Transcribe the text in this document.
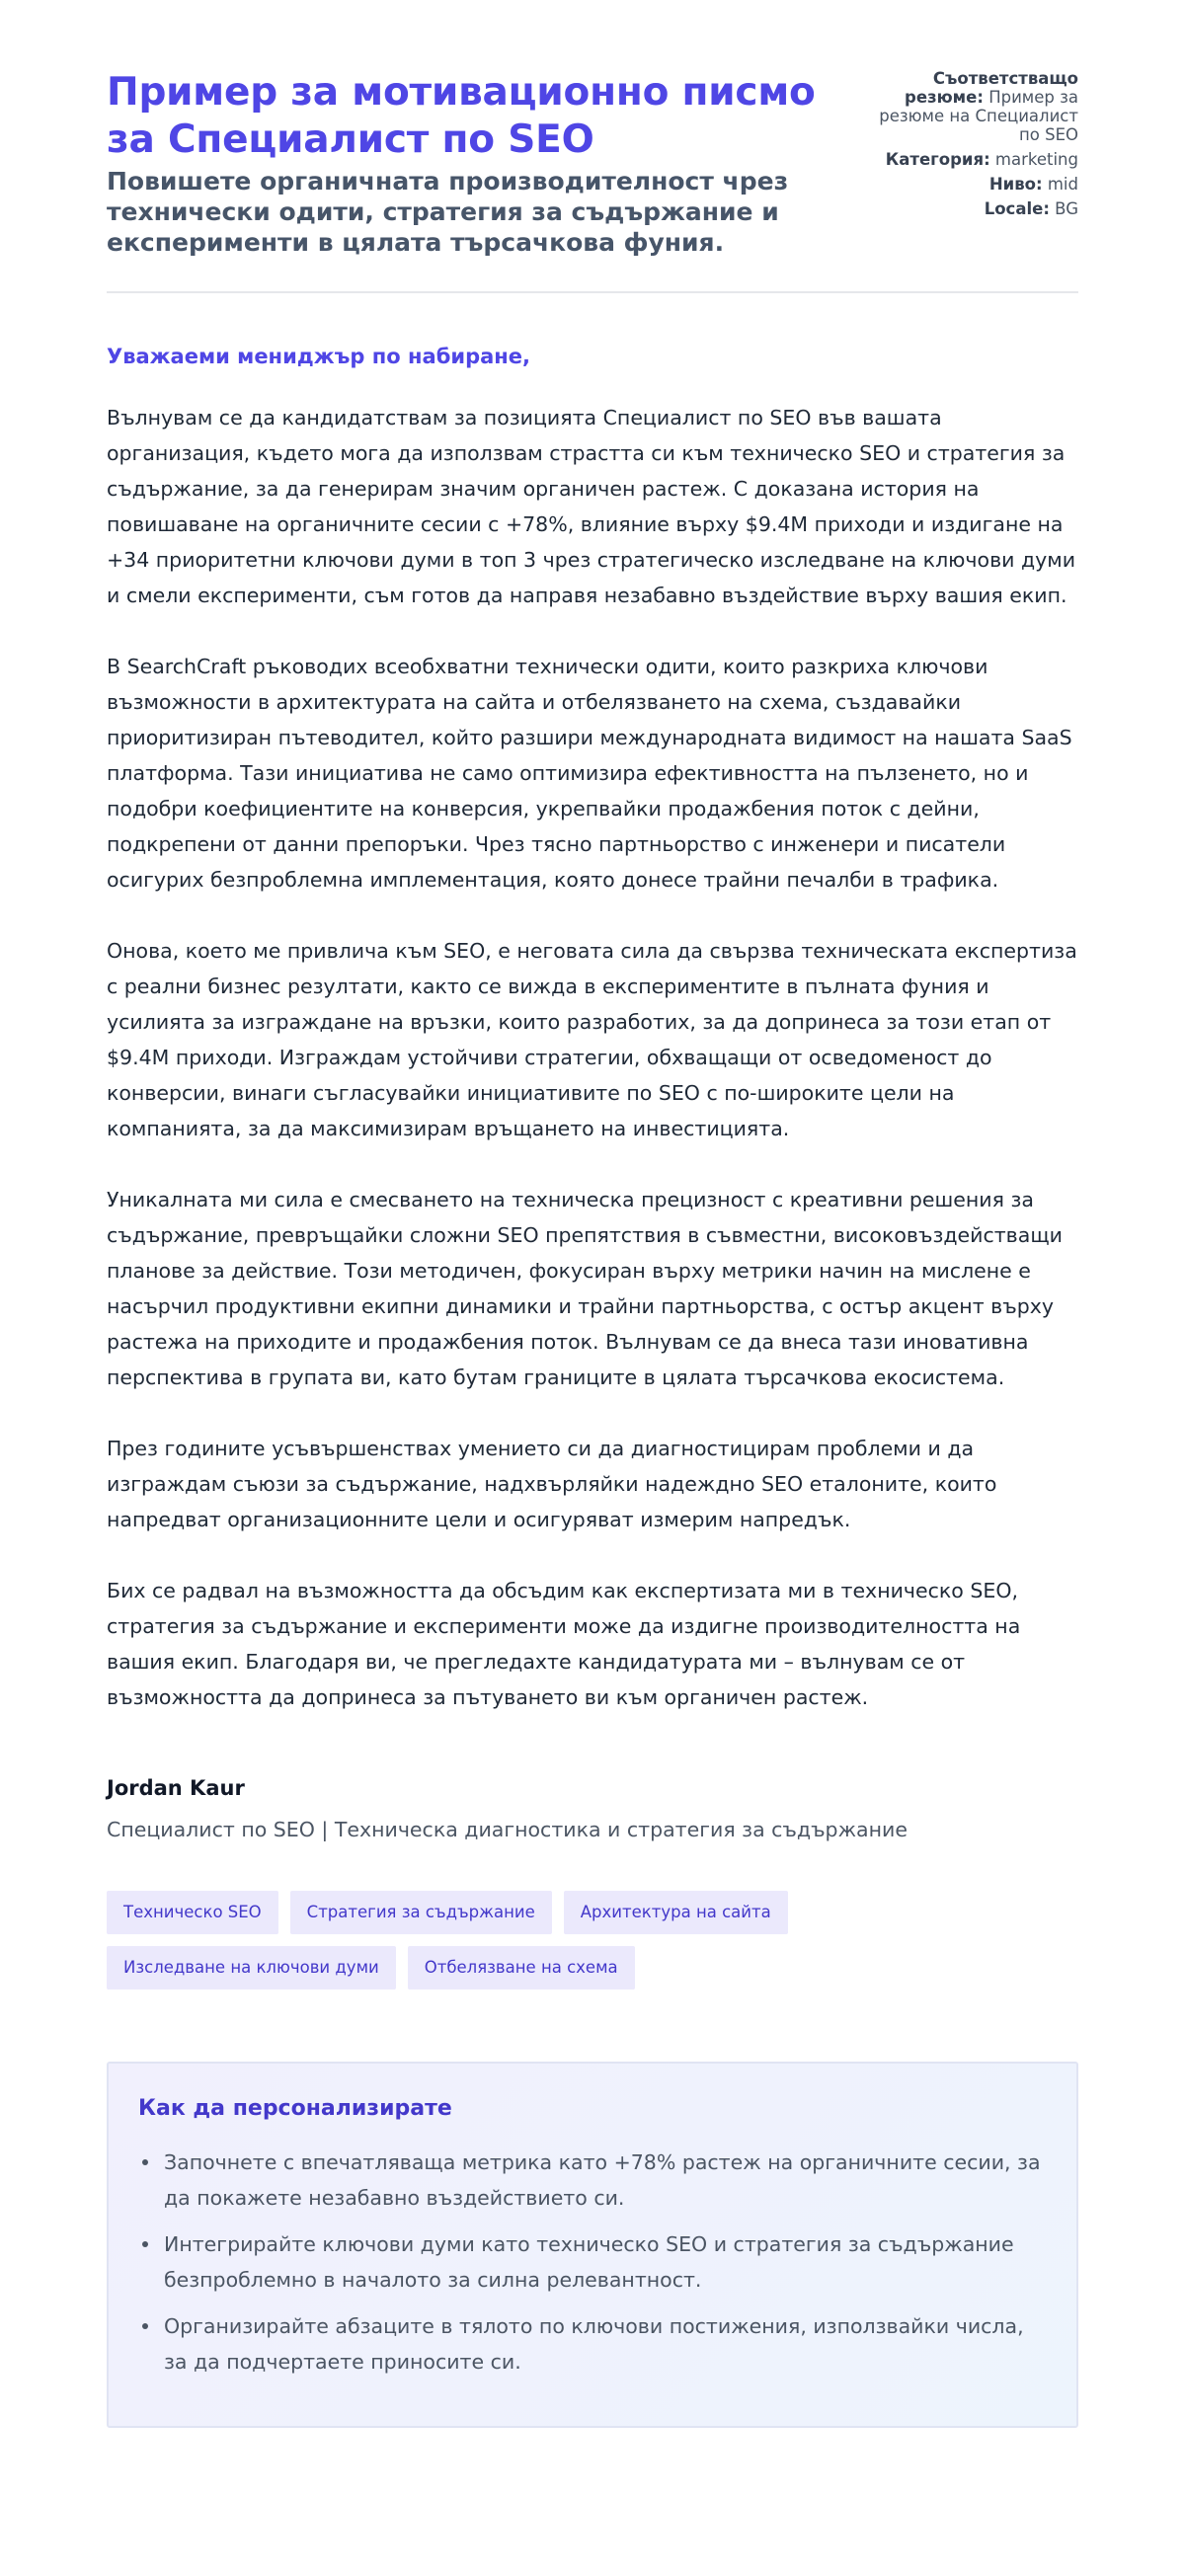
Пример за мотивационно писмо за Специалист по SEO
Повишете органичната производителност чрез технически одити, стратегия за съдържание и експерименти в цялата търсачкова фуния.
Съответстващо резюме: Пример за резюме на Специалист по SEO
Категория: marketing
Ниво: mid
Locale: BG
Уважаеми мениджър по набиране,

Вълнувам се да кандидатствам за позицията Специалист по SEO във вашата организация, където мога да използвам страстта си към техническо SEO и стратегия за съдържание, за да генерирам значим органичен растеж. С доказана история на повишаване на органичните сесии с +78%, влияние върху $9.4M приходи и издигане на +34 приоритетни ключови думи в топ 3 чрез стратегическо изследване на ключови думи и смели експерименти, съм готов да направя незабавно въздействие върху вашия екип.

В SearchCraft ръководих всеобхватни технически одити, които разкриха ключови възможности в архитектурата на сайта и отбелязването на схема, създавайки приоритизиран пътеводител, който разшири международната видимост на нашата SaaS платформа. Тази инициатива не само оптимизира ефективността на пълзенето, но и подобри коефициентите на конверсия, укрепвайки продажбения поток с дейни, подкрепени от данни препоръки. Чрез тясно партньорство с инженери и писатели осигурих безпроблемна имплементация, която донесе трайни печалби в трафика.

Онова, което ме привлича към SEO, е неговата сила да свързва техническата експертиза с реални бизнес резултати, както се вижда в експериментите в пълната фуния и усилията за изграждане на връзки, които разработих, за да допринеса за този етап от $9.4M приходи. Изграждам устойчиви стратегии, обхващащи от осведоменост до конверсии, винаги съгласувайки инициативите по SEO с по-широките цели на компанията, за да максимизирам връщането на инвестицията.

Уникалната ми сила е смесването на техническа прецизност с креативни решения за съдържание, превръщайки сложни SEO препятствия в съвместни, високовъздействащи планове за действие. Този методичен, фокусиран върху метрики начин на мислене е насърчил продуктивни екипни динамики и трайни партньорства, с остър акцент върху растежа на приходите и продажбения поток. Вълнувам се да внеса тази иновативна перспектива в групата ви, като бутам границите в цялата търсачкова екосистема.

През годините усъвършенствах умението си да диагностицирам проблеми и да изграждам съюзи за съдържание, надхвърляйки надеждно SEO еталоните, които напредват организационните цели и осигуряват измерим напредък.

Бих се радвал на възможността да обсъдим как експертизата ми в техническо SEO, стратегия за съдържание и експерименти може да издигне производителността на вашия екип. Благодаря ви, че прегледахте кандидатурата ми – вълнувам се от възможността да допринеса за пътуването ви към органичен растеж.

Jordan Kaur
Специалист по SEO | Техническа диагностика и стратегия за съдържание
Техническо SEO	Стратегия за съдържание	Архитектура на сайта
Изследване на ключови думи	Отбелязване на схема
Как да персонализирате
Започнете с впечатляваща метрика като +78% растеж на органичните сесии, за да покажете незабавно въздействието си.
Интегрирайте ключови думи като техническо SEO и стратегия за съдържание безпроблемно в началото за силна релевантност.
Организирайте абзаците в тялото по ключови постижения, използвайки числа, за да подчертаете приносите си.
